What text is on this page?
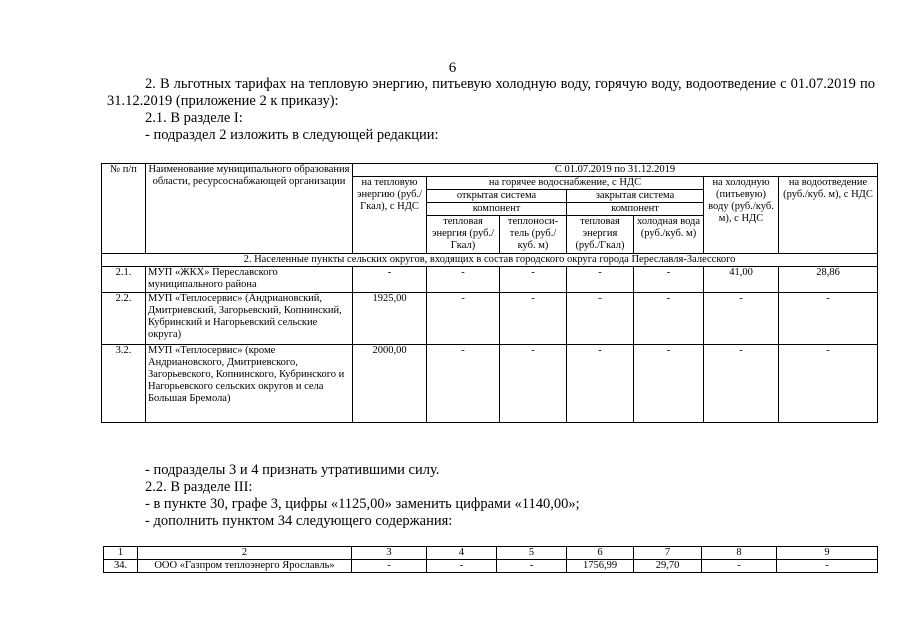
6
2. В льготных тарифах на тепловую энергию, питьевую холодную воду, горячую воду, водоотведение с 01.07.2019 по 31.12.2019 (приложение 2 к приказу):
2.1. В разделе I:
- подраздел 2 изложить в следующей редакции:
№ п/п	Наименование муниципального образования области, ресурсоснабжающей организации	С 01.07.2019 по 31.12.2019						
		на тепловую энергию (руб./Гкал), с НДС	на горячее водоснабжение, с НДС				на холодную (питьевую) воду (руб./куб. м), с НДС	на водоотведение (руб./куб. м), с НДС
			открытая система		закрытая система			
			компонент		компонент			
			тепловая энергия (руб./Гкал)	теплоноси-тель (руб./куб. м)	тепловая энергия (руб./Гкал)	холодная вода (руб./куб. м)		
2. Населенные пункты сельских округов, входящих в состав городского округа города Переславля-Залесского								
2.1.	МУП «ЖКХ» Переславского муниципального района	-	-	-	-	-	41,00	28,86
2.2.	МУП «Теплосервис» (Андриановский, Дмитриевский, Загорьевский, Копнинский, Кубринский и Нагорьевский сельские округа)	1925,00	-	-	-	-	-	-
3.2.	МУП «Теплосервис» (кроме Андриановского, Дмитриевского, Загорьевского, Копнинского, Кубринского и Нагорьевского сельских округов и села Большая Бремола)	2000,00	-	-	-	-	-	-
- подразделы 3 и 4 признать утратившими силу.
2.2. В разделе III:
- в пункте 30, графе 3, цифры «1125,00» заменить цифрами «1140,00»;
- дополнить пунктом 34 следующего содержания:
1	2	3	4	5	6	7	8	9
34.	ООО «Газпром теплоэнерго Ярославль»	-	-	-	1756,99	29,70	-	-
